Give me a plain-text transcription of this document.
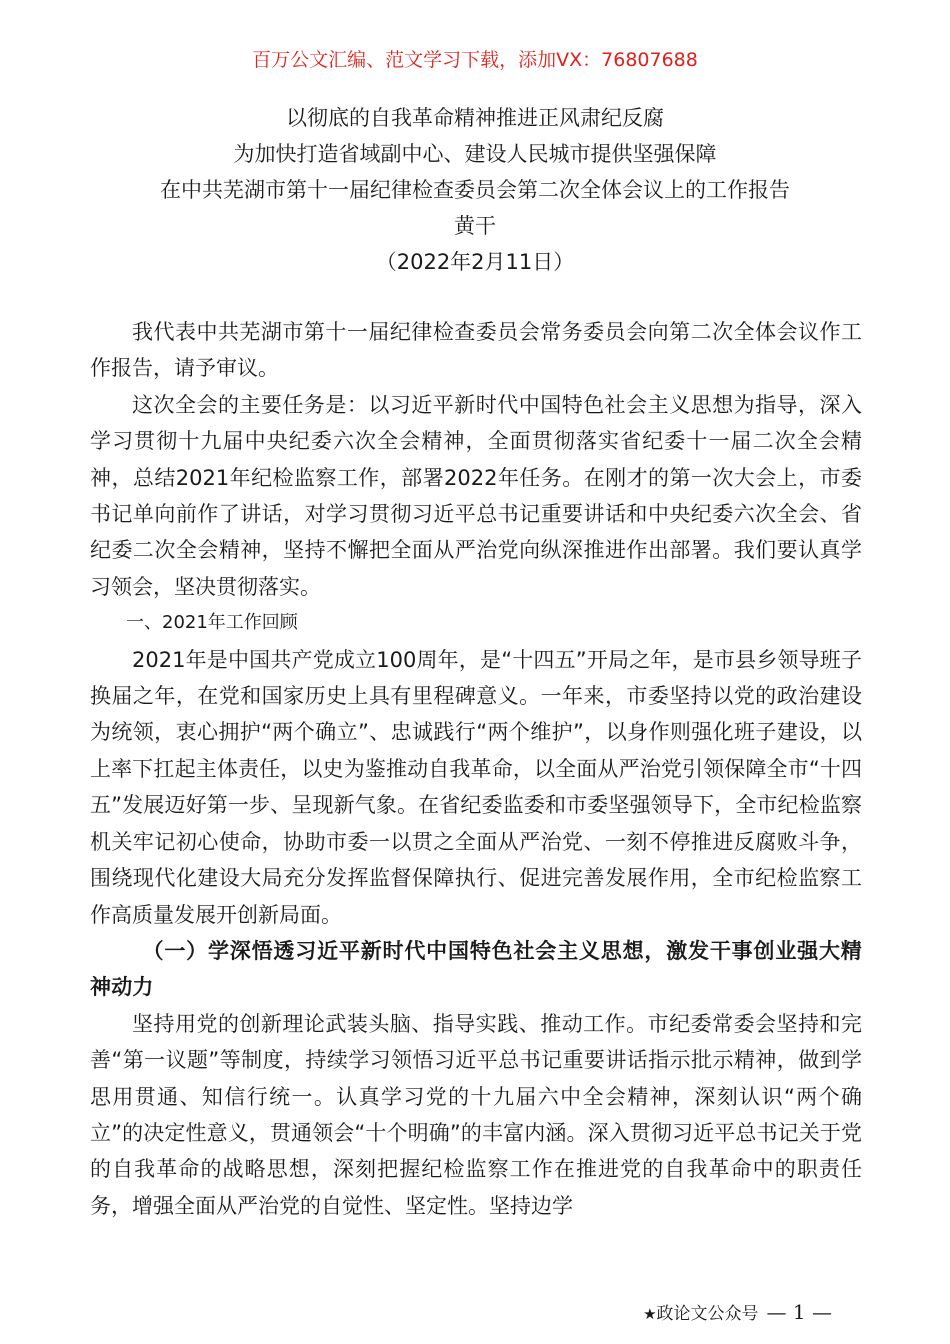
百万公文汇编、范文学习下载，添加VX：76807688
以彻底的自我革命精神推进正风肃纪反腐
为加快打造省域副中心、建设人民城市提供坚强保障
在中共芜湖市第十一届纪律检查委员会第二次全体会议上的工作报告
黄干
（2022年2月11日）

我代表中共芜湖市第十一届纪律检查委员会常务委员会向第二次全体会议作工作报告，请予审议。

这次全会的主要任务是：以习近平新时代中国特色社会主义思想为指导，深入学习贯彻十九届中央纪委六次全会精神，全面贯彻落实省纪委十一届二次全会精神，总结2021年纪检监察工作，部署2022年任务。在刚才的第一次大会上，市委书记单向前作了讲话，对学习贯彻习近平总书记重要讲话和中央纪委六次全会、省纪委二次全会精神，坚持不懈把全面从严治党向纵深推进作出部署。我们要认真学习领会，坚决贯彻落实。

一、2021年工作回顾

2021年是中国共产党成立100周年，是“十四五”开局之年，是市县乡领导班子换届之年，在党和国家历史上具有里程碑意义。一年来，市委坚持以党的政治建设为统领，衷心拥护“两个确立”、忠诚践行“两个维护”，以身作则强化班子建设，以上率下扛起主体责任，以史为鉴推动自我革命，以全面从严治党引领保障全市“十四五”发展迈好第一步、呈现新气象。在省纪委监委和市委坚强领导下，全市纪检监察机关牢记初心使命，协助市委一以贯之全面从严治党、一刻不停推进反腐败斗争，围绕现代化建设大局充分发挥监督保障执行、促进完善发展作用，全市纪检监察工作高质量发展开创新局面。

（一）学深悟透习近平新时代中国特色社会主义思想，激发干事创业强大精神动力

坚持用党的创新理论武装头脑、指导实践、推动工作。市纪委常委会坚持和完善“第一议题”等制度，持续学习领悟习近平总书记重要讲话指示批示精神，做到学思用贯通、知信行统一。认真学习党的十九届六中全会精神，深刻认识“两个确立”的决定性意义，贯通领会“十个明确”的丰富内涵。深入贯彻习近平总书记关于党的自我革命的战略思想，深刻把握纪检监察工作在推进党的自我革命中的职责任务，增强全面从严治党的自觉性、坚定性。坚持边学

★政论文公众号 — 1 —
